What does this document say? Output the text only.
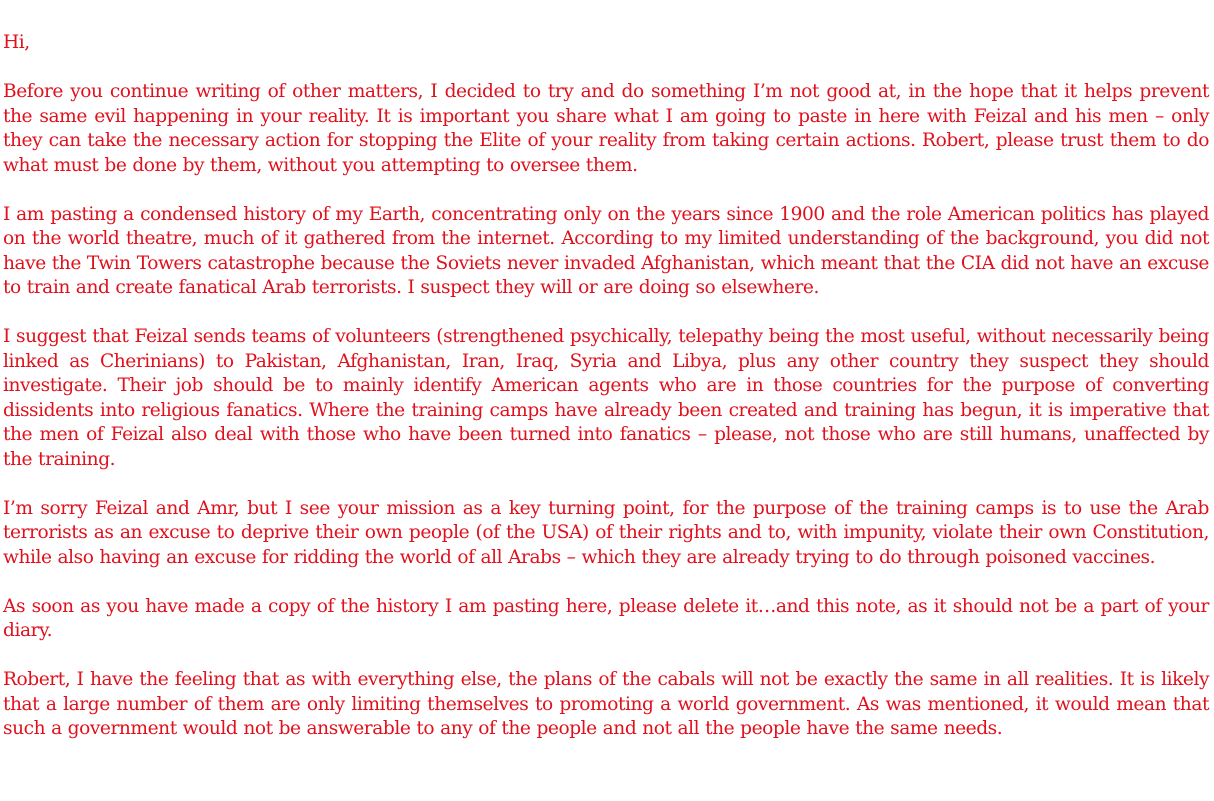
Hi,

Before you continue writing of other matters, I decided to try and do something I’m not good at, in the hope that it helps prevent the same evil happening in your reality. It is important you share what I am going to paste in here with Feizal and his men – only they can take the necessary action for stopping the Elite of your reality from taking certain actions. Robert, please trust them to do what must be done by them, without you attempting to oversee them.

I am pasting a condensed history of my Earth, concentrating only on the years since 1900 and the role American politics has played on the world theatre, much of it gathered from the internet. According to my limited understanding of the background, you did not have the Twin Towers catastrophe because the Soviets never invaded Afghanistan, which meant that the CIA did not have an excuse to train and create fanatical Arab terrorists. I suspect they will or are doing so elsewhere.

I suggest that Feizal sends teams of volunteers (strengthened psychically, telepathy being the most useful, without necessarily being linked as Cherinians) to Pakistan, Afghanistan, Iran, Iraq, Syria and Libya, plus any other country they suspect they should investigate. Their job should be to mainly identify American agents who are in those countries for the purpose of converting dissidents into religious fanatics. Where the training camps have already been created and training has begun, it is imperative that the men of Feizal also deal with those who have been turned into fanatics – please, not those who are still humans, unaffected by the training.

I’m sorry Feizal and Amr, but I see your mission as a key turning point, for the purpose of the training camps is to use the Arab terrorists as an excuse to deprive their own people (of the USA) of their rights and to, with impunity, violate their own Constitution, while also having an excuse for ridding the world of all Arabs – which they are already trying to do through poisoned vaccines.

As soon as you have made a copy of the history I am pasting here, please delete it…and this note, as it should not be a part of your diary.

Robert, I have the feeling that as with everything else, the plans of the cabals will not be exactly the same in all realities. It is likely that a large number of them are only limiting themselves to promoting a world government. As was mentioned, it would mean that such a government would not be answerable to any of the people and not all the people have the same needs.
